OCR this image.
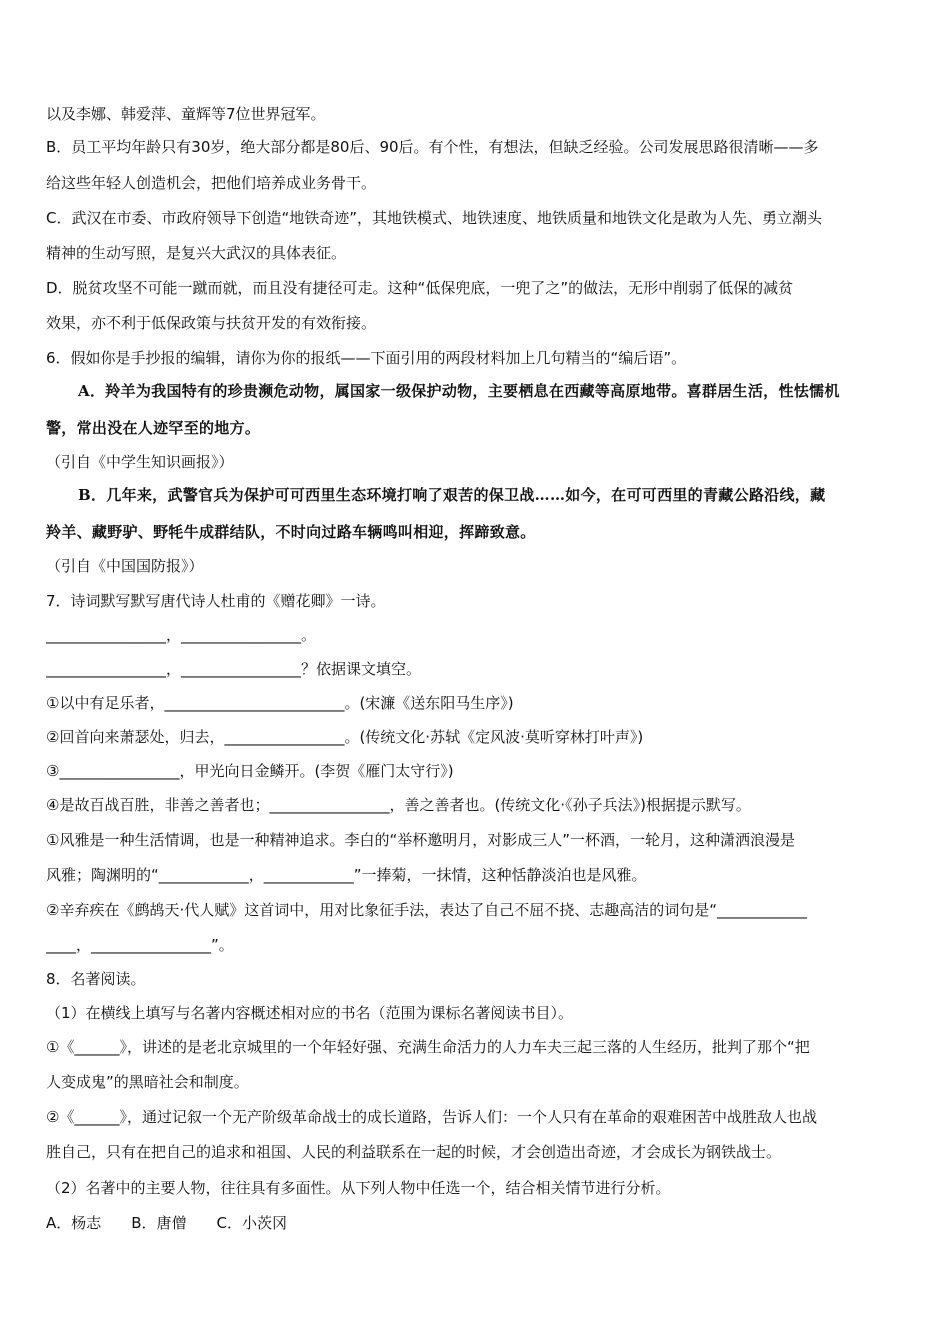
以及李娜、韩爱萍、童辉等7位世界冠军。
B．员工平均年龄只有30岁，绝大部分都是80后、90后。有个性，有想法，但缺乏经验。公司发展思路很清晰——多
给这些年轻人创造机会，把他们培养成业务骨干。
C．武汉在市委、市政府领导下创造“地铁奇迹”，其地铁模式、地铁速度、地铁质量和地铁文化是敢为人先、勇立潮头
精神的生动写照，是复兴大武汉的具体表征。
D．脱贫攻坚不可能一蹴而就，而且没有捷径可走。这种“低保兜底，一兜了之”的做法，无形中削弱了低保的减贫
效果，亦不利于低保政策与扶贫开发的有效衔接。
6．假如你是手抄报的编辑，请你为你的报纸——下面引用的两段材料加上几句精当的“编后语”。
A．羚羊为我国特有的珍贵濒危动物，属国家一级保护动物，主要栖息在西藏等高原地带。喜群居生活，性怯懦机
警，常出没在人迹罕至的地方。
（引自《中学生知识画报》）
B．几年来，武警官兵为保护可可西里生态环境打响了艰苦的保卫战……如今，在可可西里的青藏公路沿线，藏
羚羊、藏野驴、野牦牛成群结队，不时向过路车辆鸣叫相迎，挥蹄致意。
（引自《中国国防报》）
7．诗词默写默写唐代诗人杜甫的《赠花卿》一诗。
________________，________________。
________________，________________？依据课文填空。
①以中有足乐者，________________________。(宋濂《送东阳马生序》)
②回首向来萧瑟处，归去，________________。(传统文化·苏轼《定风波·莫听穿林打叶声》)
③________________，甲光向日金鳞开。(李贺《雁门太守行》)
④是故百战百胜，非善之善者也；________________，善之善者也。(传统文化·《孙子兵法》)根据提示默写。
①风雅是一种生活情调，也是一种精神追求。李白的“举杯邀明月，对影成三人”一杯酒，一轮月，这种潇洒浪漫是
风雅；陶渊明的“____________，____________”一捧菊，一抹情，这种恬静淡泊也是风雅。
②辛弃疾在《鹧鸪天·代人赋》这首词中，用对比象征手法，表达了自己不屈不挠、志趣高洁的词句是“____________
____，________________”。
8．名著阅读。
（1）在横线上填写与名著内容概述相对应的书名（范围为课标名著阅读书目）。
①《______》，讲述的是老北京城里的一个年轻好强、充满生命活力的人力车夫三起三落的人生经历，批判了那个“把
人变成鬼”的黑暗社会和制度。
②《______》，通过记叙一个无产阶级革命战士的成长道路，告诉人们：一个人只有在革命的艰难困苦中战胜敌人也战
胜自己，只有在把自己的追求和祖国、人民的利益联系在一起的时候，才会创造出奇迹，才会成长为钢铁战士。
（2）名著中的主要人物，往往具有多面性。从下列人物中任选一个，结合相关情节进行分析。
A．杨志　　B．唐僧　　C．小茨冈
